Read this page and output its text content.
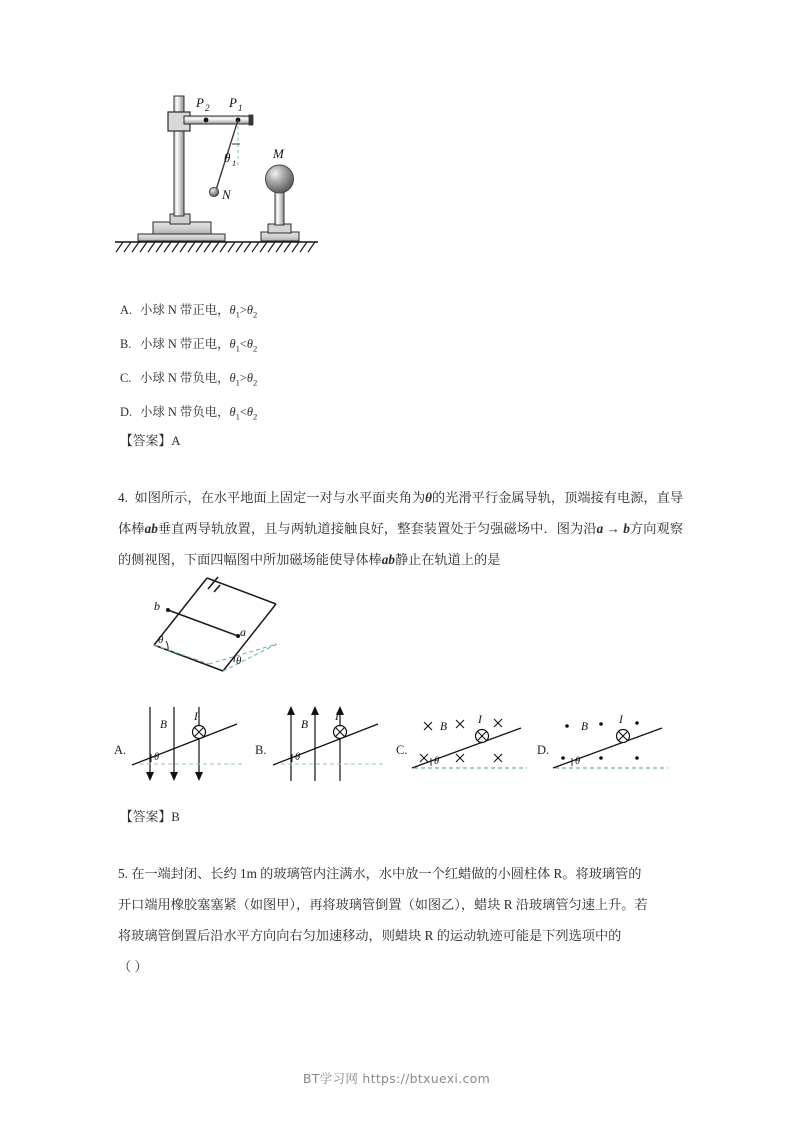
P 2 P 1
θ 1
N
M
A. 小球 N 带正电，$\theta_1>\theta_2$
B. 小球 N 带正电，$\theta_1<\theta_2$
C. 小球 N 带负电，$\theta_1>\theta_2$
D. 小球 N 带负电，$\theta_1<\theta_2$
【答案】A
4. 如图所示，在水平地面上固定一对与水平面夹角为θ的光滑平行金属导轨，顶端接有电源，直导体棒ab垂直两导轨放置，且与两轨道接触良好，整套装置处于匀强磁场中．图为沿a → b方向观察的侧视图，下面四幅图中所加磁场能使导体棒ab静止在轨道上的是
b
a
θ
θ
A.
B
I
θ
B.
B
I
θ
C.
B
I
θ
D.
B
I
θ
【答案】B
5. 在一端封闭、长约 1m 的玻璃管内注满水，水中放一个红蜡做的小圆柱体 R。将玻璃管的
开口端用橡胶塞塞紧（如图甲），再将玻璃管倒置（如图乙），蜡块 R 沿玻璃管匀速上升。若
将玻璃管倒置后沿水平方向向右匀加速移动，则蜡块 R 的运动轨迹可能是下列选项中的
（ ）
BT学习网 https://btxuexi.com
